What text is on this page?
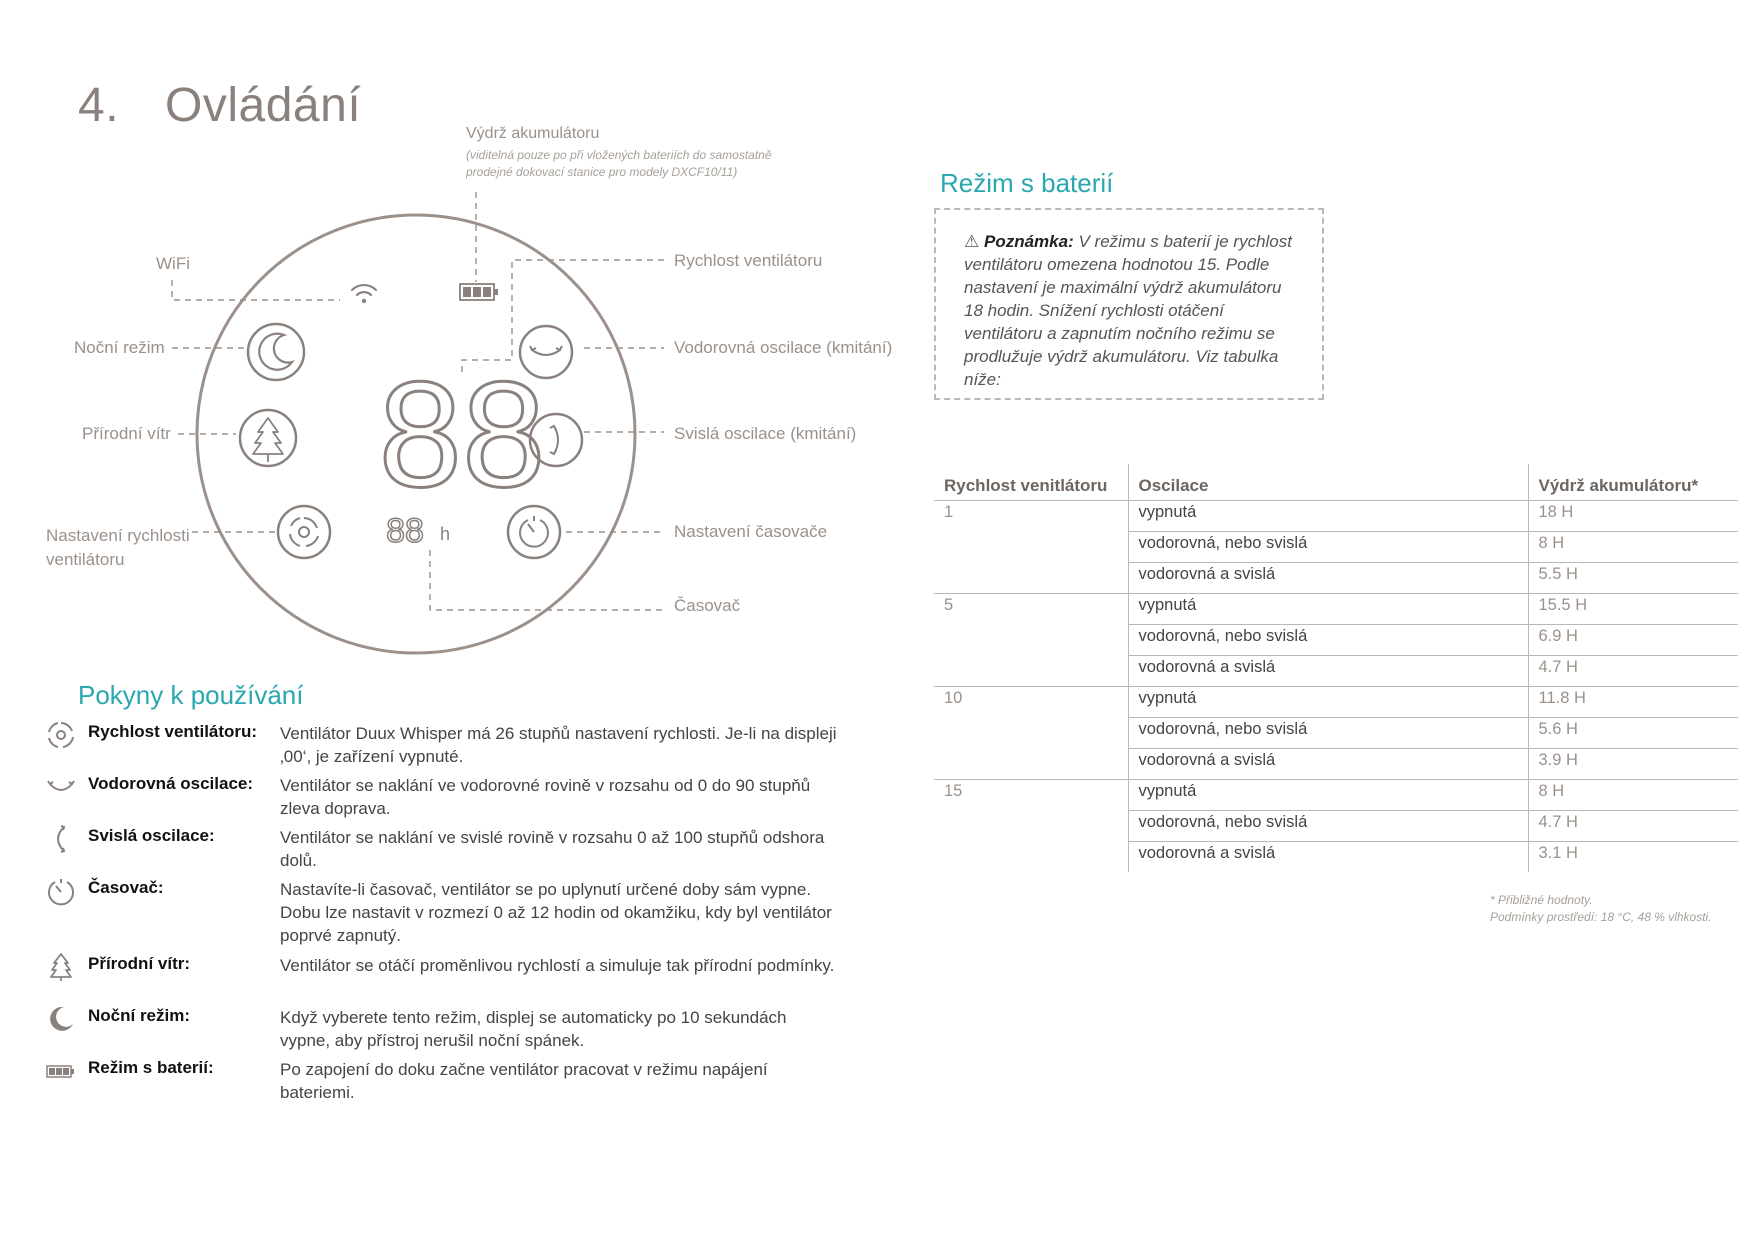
4. Ovládání
88
88 h
Výdrž akumulátoru
(viditelná pouze po při vložených bateriích do samostatně prodejné dokovací stanice pro modely DXCF10/11)
WiFi
Noční režim
Přírodní vítr
Nastavení rychlosti
ventilátoru
Rychlost ventilátoru
Vodorovná oscilace (kmitání)
Svislá oscilace (kmitání)
Nastavení časovače
Časovač
Pokyny k používání
Rychlost ventilátoru: Ventilátor Duux Whisper má 26 stupňů nastavení rychlosti. Je-li na displeji ‚00‘, je zařízení vypnuté.
Vodorovná oscilace: Ventilátor se naklání ve vodorovné rovině v rozsahu od 0 do 90 stupňů zleva doprava.
Svislá oscilace:	Ventilátor se naklání ve svislé rovině v rozsahu 0 až 100 stupňů odshora dolů.
Časovač:	Nastavíte-li časovač, ventilátor se po uplynutí určené doby sám vypne. Dobu lze nastavit v rozmezí 0 až 12 hodin od okamžiku, kdy byl ventilátor poprvé zapnutý.
Přírodní vítr:	Ventilátor se otáčí proměnlivou rychlostí a simuluje tak přírodní podmínky.
Noční režim:	Když vyberete tento režim, displej se automaticky po 10 sekundách vypne, aby přístroj nerušil noční spánek.
Režim s baterií:	Po zapojení do doku začne ventilátor pracovat v režimu napájení bateriemi.
Režim s baterií
⚠ Poznámka: V režimu s baterií je rychlost ventilátoru omezena hodnotou 15. Podle nastavení je maximální výdrž akumulátoru 18 hodin. Snížení rychlosti otáčení ventilátoru a zapnutím nočního režimu se prodlužuje výdrž akumulátoru. Viz tabulka níže:
Rychlost venitlátoru	Oscilace	Výdrž akumulátoru*
1	vypnutá	18 H
	vodorovná, nebo svislá	8 H
	vodorovná a svislá	5.5 H
5	vypnutá	15.5 H
	vodorovná, nebo svislá	6.9 H
	vodorovná a svislá	4.7 H
10	vypnutá	11.8 H
	vodorovná, nebo svislá	5.6 H
	vodorovná a svislá	3.9 H
15	vypnutá	8 H
	vodorovná, nebo svislá	4.7 H
	vodorovná a svislá	3.1 H
* Přibližné hodnoty.
Podmínky prostředí: 18 °C, 48 % vlhkosti.
